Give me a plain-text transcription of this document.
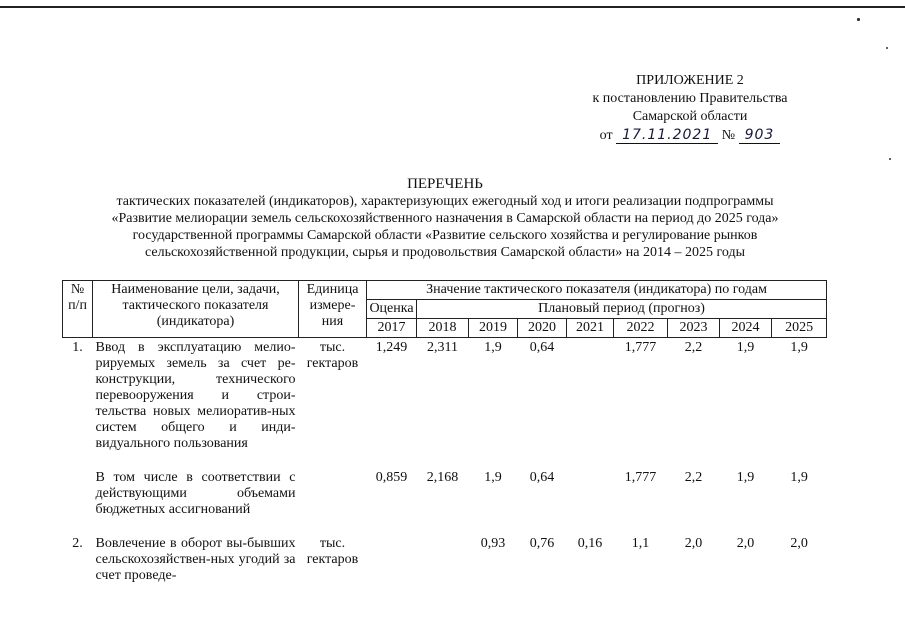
ПРИЛОЖЕНИЕ 2
к постановлению Правительства
Самарской области
от 17.11.2021 № 903
ПЕРЕЧЕНЬ
тактических показателей (индикаторов), характеризующих ежегодный ход и итоги реализации подпрограммы
«Развитие мелиорации земель сельскохозяйственного назначения в Самарской области на период до 2025 года»
государственной программы Самарской области «Развитие сельского хозяйства и регулирование рынков
сельскохозяйственной продукции, сырья и продовольствия Самарской области» на 2014 – 2025 годы
№ п/п	Наименование цели, задачи, тактического показателя (индикатора)	Единица измере-ния	Значение тактического показателя (индикатора) по годам								
			Оценка	Плановый период (прогноз)							
			2017	2018	2019	2020	2021	2022	2023	2024	2025
1.	Ввод в эксплуатацию мелио-рируемых земель за счет ре-конструкции, технического перевооружения и строи-тельства новых мелиоратив-ных систем общего и инди-видуального пользования	тыс. гектаров	1,249	2,311	1,9	0,64		1,777	2,2	1,9	1,9

	В том числе в соответствии с действующими объемами бюджетных ассигнований		0,859	2,168	1,9	0,64		1,777	2,2	1,9	1,9

2.	Вовлечение в оборот вы-бывших сельскохозяйствен-ных угодий за счет проведе-	тыс. гектаров			0,93	0,76	0,16	1,1	2,0	2,0	2,0
